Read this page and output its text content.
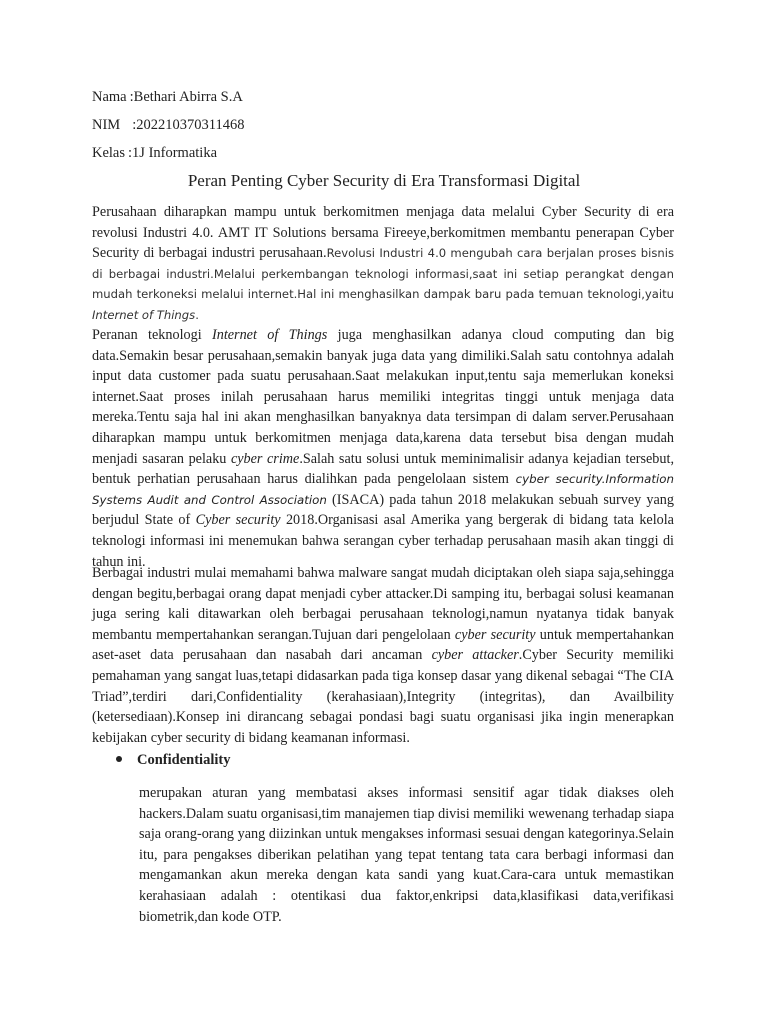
Nama:Bethari Abirra S.A
NIM:202210370311468
Kelas:1J Informatika
Peran Penting Cyber Security di Era Transformasi Digital

Perusahaan diharapkan mampu untuk berkomitmen menjaga data melalui Cyber Security di era revolusi Industri 4.0. AMT IT Solutions bersama Fireeye,berkomitmen membantu penerapan Cyber Security di berbagai industri perusahaan.Revolusi Industri 4.0 mengubah cara berjalan proses bisnis di berbagai industri.Melalui perkembangan teknologi informasi,saat ini setiap perangkat dengan mudah terkoneksi melalui internet.Hal ini menghasilkan dampak baru pada temuan teknologi,yaitu Internet of Things.

Peranan teknologi Internet of Things juga menghasilkan adanya cloud computing dan big data.Semakin besar perusahaan,semakin banyak juga data yang dimiliki.Salah satu contohnya adalah input data customer pada suatu perusahaan.Saat melakukan input,tentu saja memerlukan koneksi internet.Saat proses inilah perusahaan harus memiliki integritas tinggi untuk menjaga data mereka.Tentu saja hal ini akan menghasilkan banyaknya data tersimpan di dalam server.Perusahaan diharapkan mampu untuk berkomitmen menjaga data,karena data tersebut bisa dengan mudah menjadi sasaran pelaku cyber crime.Salah satu solusi untuk meminimalisir adanya kejadian tersebut, bentuk perhatian perusahaan harus dialihkan pada pengelolaan sistem cyber security.Information Systems Audit and Control Association (ISACA) pada tahun 2018 melakukan sebuah survey yang berjudul State of Cyber security 2018.Organisasi asal Amerika yang bergerak di bidang tata kelola teknologi informasi ini menemukan bahwa serangan cyber terhadap perusahaan masih akan tinggi di tahun ini.

Berbagai industri mulai memahami bahwa malware sangat mudah diciptakan oleh siapa saja,sehingga dengan begitu,berbagai orang dapat menjadi cyber attacker.Di samping itu, berbagai solusi keamanan juga sering kali ditawarkan oleh berbagai perusahaan teknologi,namun nyatanya tidak banyak membantu mempertahankan serangan.Tujuan dari pengelolaan cyber security untuk mempertahankan aset-aset data perusahaan dan nasabah dari ancaman cyber attacker.Cyber Security memiliki pemahaman yang sangat luas,tetapi didasarkan pada tiga konsep dasar yang dikenal sebagai “The CIA Triad”,terdiri dari,Confidentiality (kerahasiaan),Integrity (integritas), dan Availbility (ketersediaan).Konsep ini dirancang sebagai pondasi bagi suatu organisasi jika ingin menerapkan kebijakan cyber security di bidang keamanan informasi.

Confidentiality

merupakan aturan yang membatasi akses informasi sensitif agar tidak diakses oleh hackers.Dalam suatu organisasi,tim manajemen tiap divisi memiliki wewenang terhadap siapa saja orang-orang yang diizinkan untuk mengakses informasi sesuai dengan kategorinya.Selain itu, para pengakses diberikan pelatihan yang tepat tentang tata cara berbagi informasi dan mengamankan akun mereka dengan kata sandi yang kuat.Cara-cara untuk memastikan kerahasiaan adalah : otentikasi dua faktor,enkripsi data,klasifikasi data,verifikasi biometrik,dan kode OTP.
